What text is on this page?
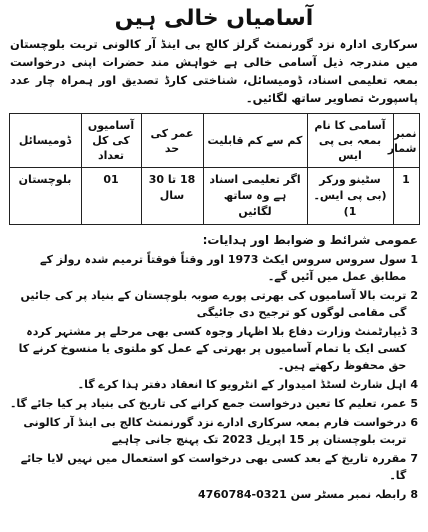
آسامیاں خالی ہیں
سرکاری ادارہ نزد گورنمنٹ گرلز کالج بی اینڈ آر کالونی تربت بلوچستان میں مندرجہ ذیل آسامی خالی ہے خواہش مند حضرات اپنی درخواست بمعہ تعلیمی اسناد، ڈومیسائل، شناختی کارڈ تصدیق اور ہمراہ چار عدد پاسپورٹ تصاویر ساتھ لگائیں۔
نمبر شمار	آسامی کا نام بمعہ بی پی ایس	کم سے کم قابلیت	عمر کی حد	آسامیوں کی کل تعداد	ڈومیسائل
1	سٹینو ورکر (بی پی ایس۔1)	اگر تعلیمی اسناد ہے وہ ساتھ لگائیں	18 تا 30 سال	01	بلوچستان
عمومی شرائط و ضوابط اور ہدایات:
1
سول سروس سروس ایکٹ 1973 اور وقتاً فوقتاً ترمیم شدہ رولز کے مطابق عمل میں آئیں گے۔
2
تربت بالا آسامیوں کی بھرتی پورے صوبہ بلوچستان کے بنیاد پر کی جائیں گی مقامی لوگوں کو ترجیح دی جائیگی
3
ڈیپارٹمنٹ وزارت دفاع بلا اظہار وجوہ کسی بھی مرحلے پر مشتہر کردہ کسی ایک یا تمام آسامیوں پر بھرتی کے عمل کو ملتوی یا منسوخ کرنے کا حق محفوظ رکھتے ہیں۔
4
اہل شارٹ لسٹڈ امیدوار کے انٹرویو کا انعقاد دفتر ہذا کرے گا۔
5
عمر، تعلیم کا تعین درخواست جمع کرانے کی تاریخ کی بنیاد پر کیا جائے گا۔
6
درخواست فارم بمعہ سرکاری ادارے نزد گورنمنٹ کالج بی اینڈ آر کالونی تربت بلوچستان پر 15 اپریل 2023 تک پہنچ جانی چاہیے
7
مقررہ تاریخ کے بعد کسی بھی درخواست کو استعمال میں نہیں لایا جائے گا۔
8
رابطہ نمبر مسٹر سن 0321-4760784
